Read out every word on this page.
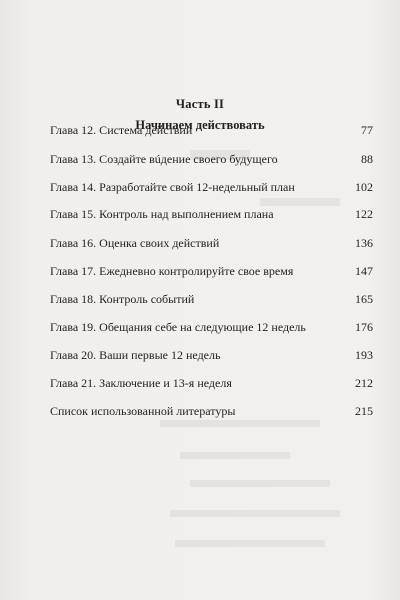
Часть II
Начинаем действовать
Глава 12. Система действий	77
Глава 13. Создайте вúдение своего будущего	88
Глава 14. Разработайте свой 12-недельный план	102
Глава 15. Контроль над выполнением плана	122
Глава 16. Оценка своих действий	136
Глава 17. Ежедневно контролируйте свое время	147
Глава 18. Контроль событий	165
Глава 19. Обещания себе на следующие 12 недель	176
Глава 20. Ваши первые 12 недель	193
Глава 21. Заключение и 13-я неделя	212
Список использованной литературы	215
